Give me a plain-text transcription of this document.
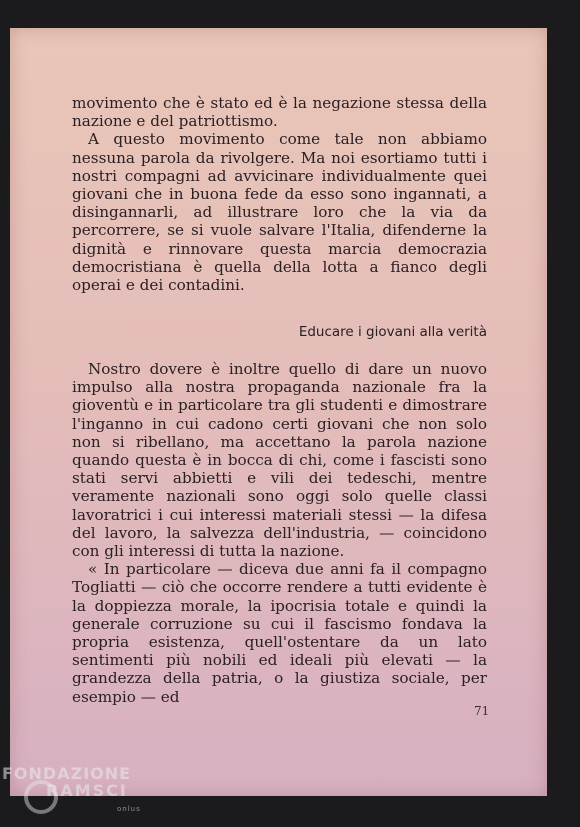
movimento che è stato ed è la negazione stessa della nazione e del patriottismo.

A questo movimento come tale non abbiamo nessuna parola da rivolgere. Ma noi esortiamo tutti i nostri compagni ad avvicinare individualmente quei giovani che in buona fede da esso sono ingannati, a disingannarli, ad illustrare loro che la via da percorrere, se si vuole salvare l'Italia, difenderne la dignità e rinnovare questa marcia democrazia democristiana è quella della lotta a fianco degli operai e dei contadini.

Educare i giovani alla verità

Nostro dovere è inoltre quello di dare un nuovo impulso alla nostra propaganda nazionale fra la gioventù e in particolare tra gli studenti e dimostrare l'inganno in cui cadono certi giovani che non solo non si ribellano, ma accettano la parola nazione quando questa è in bocca di chi, come i fascisti sono stati servi abbietti e vili dei tedeschi, mentre veramente nazionali sono oggi solo quelle classi lavoratrici i cui interessi materiali stessi — la difesa del lavoro, la salvezza dell'industria, — coincidono con gli interessi di tutta la nazione.

« In particolare — diceva due anni fa il compagno Togliatti — ciò che occorre rendere a tutti evidente è la doppiezza morale, la ipocrisia totale e quindi la generale corruzione su cui il fascismo fondava la propria esistenza, quell'ostentare da un lato sentimenti più nobili ed ideali più elevati — la grandezza della patria, o la giustiza sociale, per esempio — ed

71
FONDAZIONE
RAMSCI
onlus
